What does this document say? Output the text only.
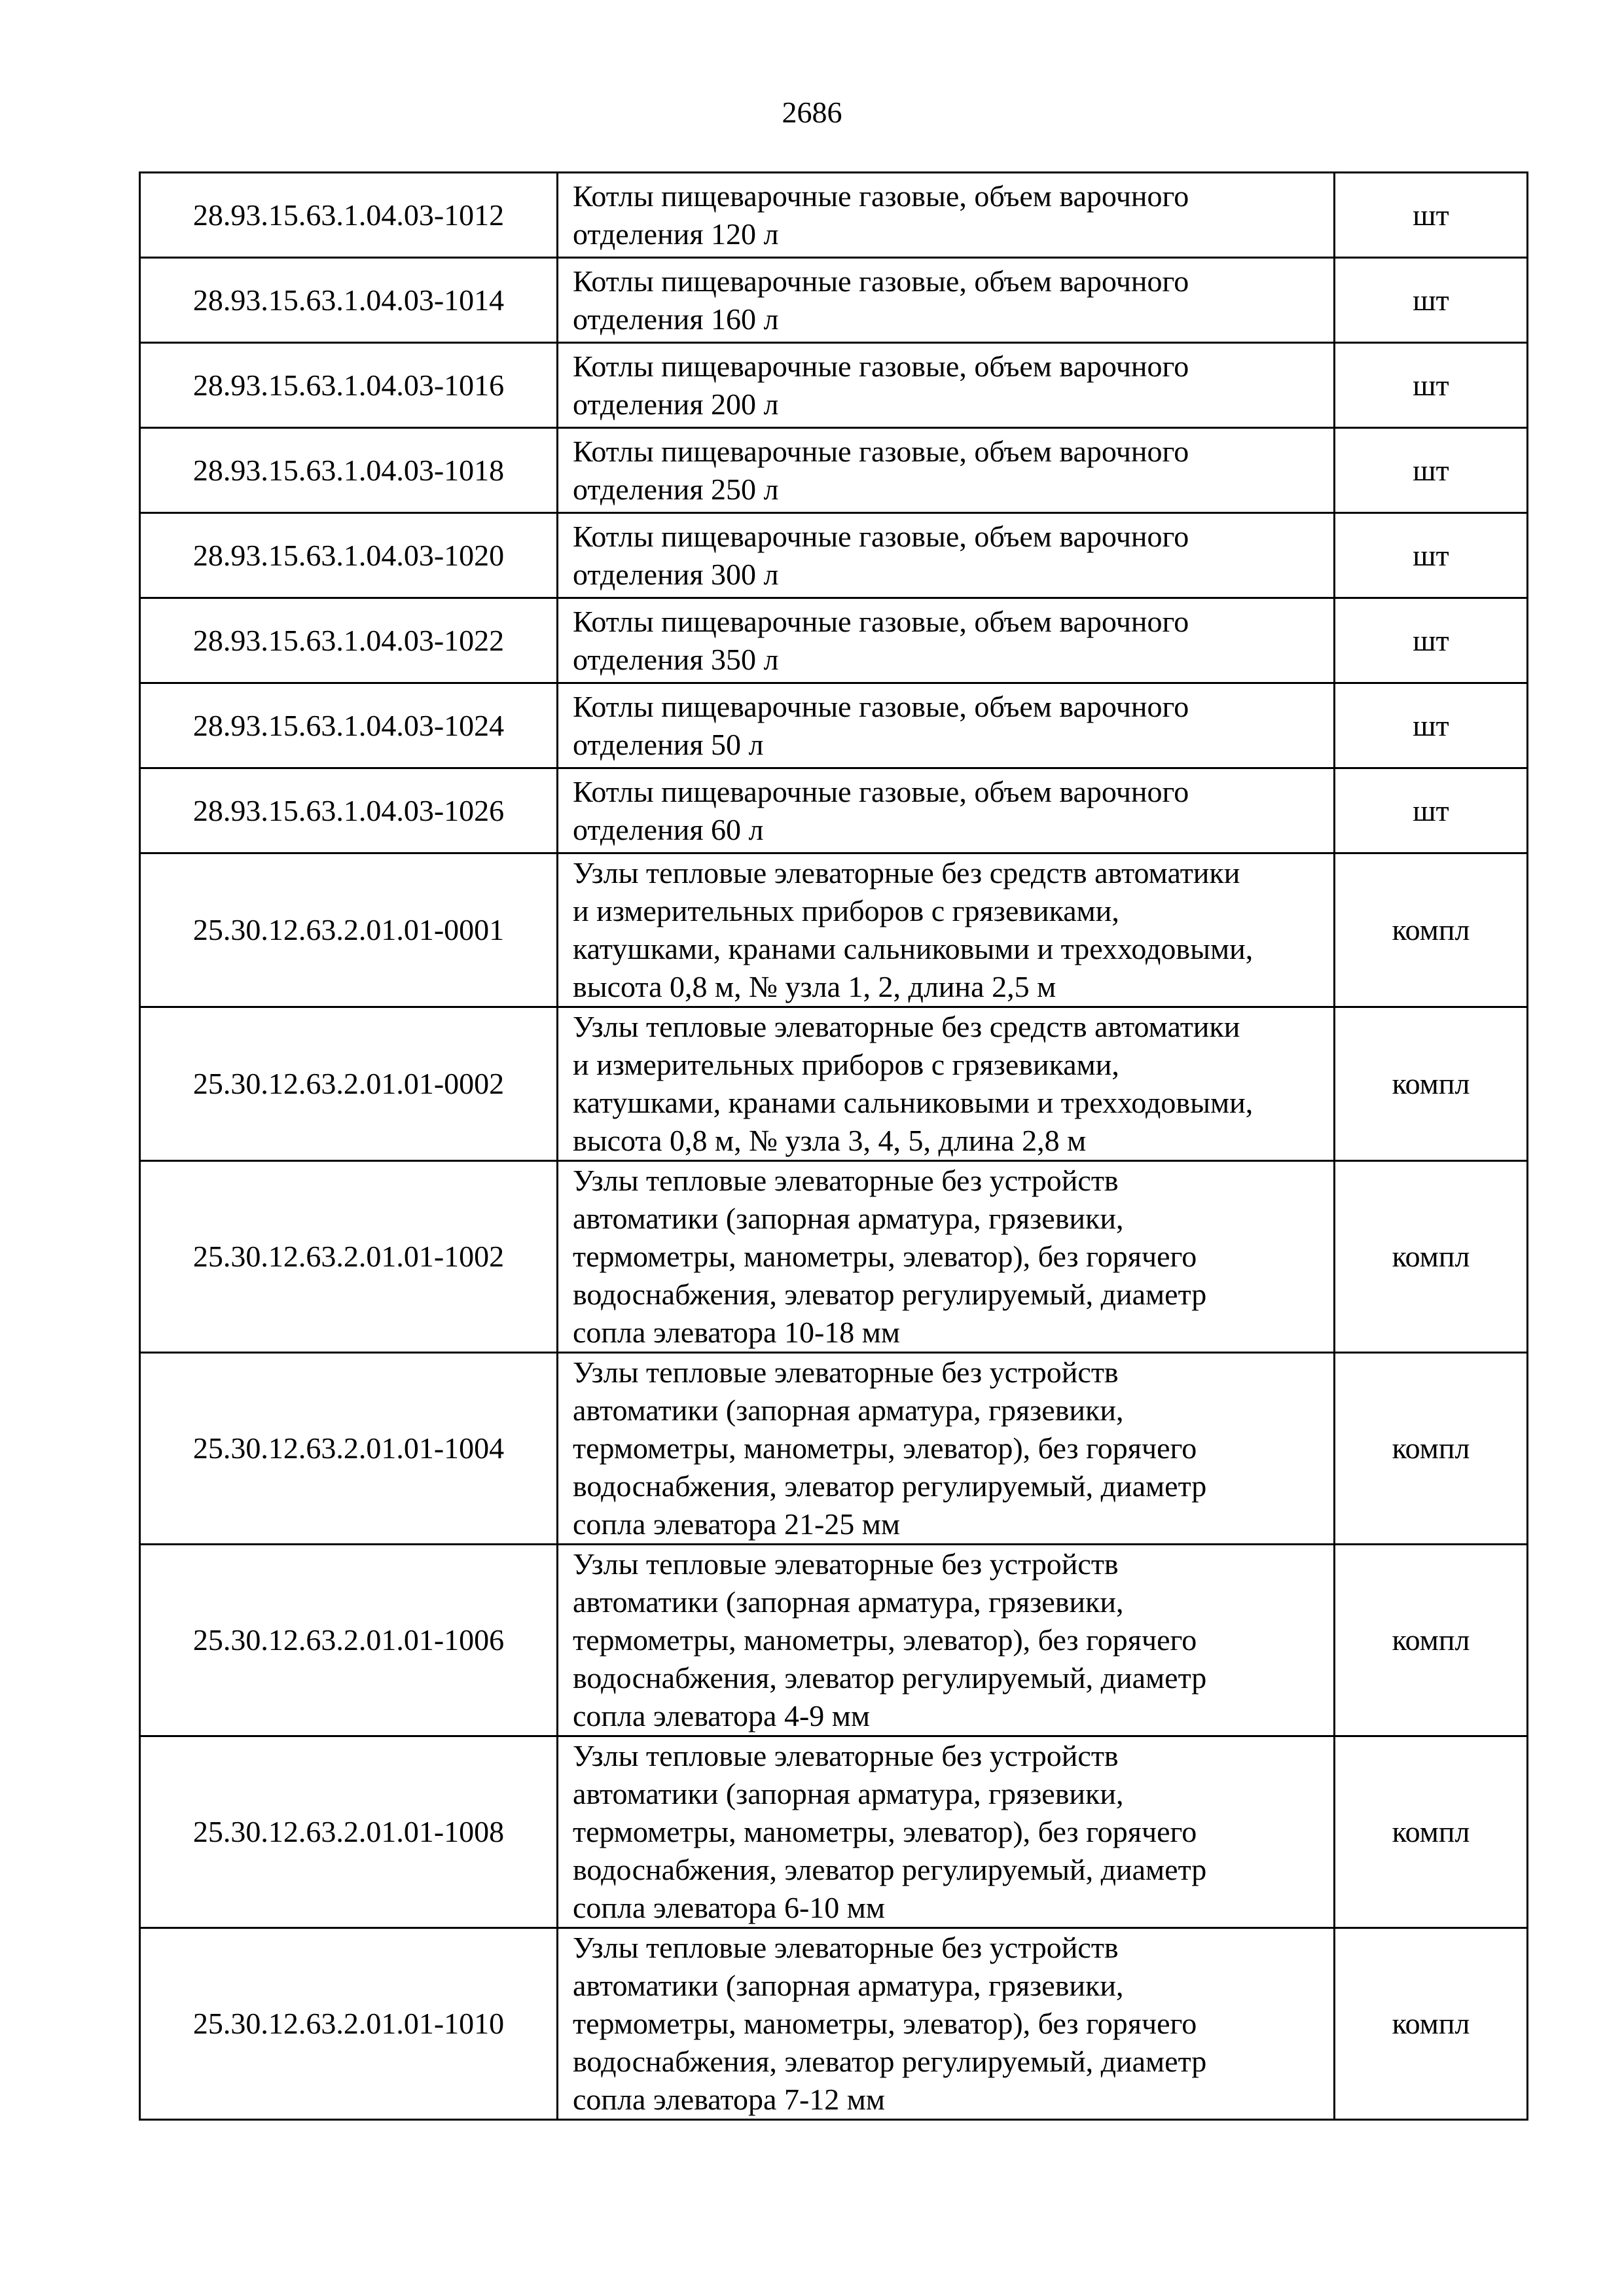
2686
28.93.15.63.1.04.03-1012	Котлы пищеварочные газовые, объем варочного
отделения 120 л	шт
28.93.15.63.1.04.03-1014	Котлы пищеварочные газовые, объем варочного
отделения 160 л	шт
28.93.15.63.1.04.03-1016	Котлы пищеварочные газовые, объем варочного
отделения 200 л	шт
28.93.15.63.1.04.03-1018	Котлы пищеварочные газовые, объем варочного
отделения 250 л	шт
28.93.15.63.1.04.03-1020	Котлы пищеварочные газовые, объем варочного
отделения 300 л	шт
28.93.15.63.1.04.03-1022	Котлы пищеварочные газовые, объем варочного
отделения 350 л	шт
28.93.15.63.1.04.03-1024	Котлы пищеварочные газовые, объем варочного
отделения 50 л	шт
28.93.15.63.1.04.03-1026	Котлы пищеварочные газовые, объем варочного
отделения 60 л	шт
25.30.12.63.2.01.01-0001	Узлы тепловые элеваторные без средств автоматики
и измерительных приборов с грязевиками,
катушками, кранами сальниковыми и трехходовыми,
высота 0,8 м, № узла 1, 2, длина 2,5 м	компл
25.30.12.63.2.01.01-0002	Узлы тепловые элеваторные без средств автоматики
и измерительных приборов с грязевиками,
катушками, кранами сальниковыми и трехходовыми,
высота 0,8 м, № узла 3, 4, 5, длина 2,8 м	компл
25.30.12.63.2.01.01-1002	Узлы тепловые элеваторные без устройств
автоматики (запорная арматура, грязевики,
термометры, манометры, элеватор), без горячего
водоснабжения, элеватор регулируемый, диаметр
сопла элеватора 10-18 мм	компл
25.30.12.63.2.01.01-1004	Узлы тепловые элеваторные без устройств
автоматики (запорная арматура, грязевики,
термометры, манометры, элеватор), без горячего
водоснабжения, элеватор регулируемый, диаметр
сопла элеватора 21-25 мм	компл
25.30.12.63.2.01.01-1006	Узлы тепловые элеваторные без устройств
автоматики (запорная арматура, грязевики,
термометры, манометры, элеватор), без горячего
водоснабжения, элеватор регулируемый, диаметр
сопла элеватора 4-9 мм	компл
25.30.12.63.2.01.01-1008	Узлы тепловые элеваторные без устройств
автоматики (запорная арматура, грязевики,
термометры, манометры, элеватор), без горячего
водоснабжения, элеватор регулируемый, диаметр
сопла элеватора 6-10 мм	компл
25.30.12.63.2.01.01-1010	Узлы тепловые элеваторные без устройств
автоматики (запорная арматура, грязевики,
термометры, манометры, элеватор), без горячего
водоснабжения, элеватор регулируемый, диаметр
сопла элеватора 7-12 мм	компл
